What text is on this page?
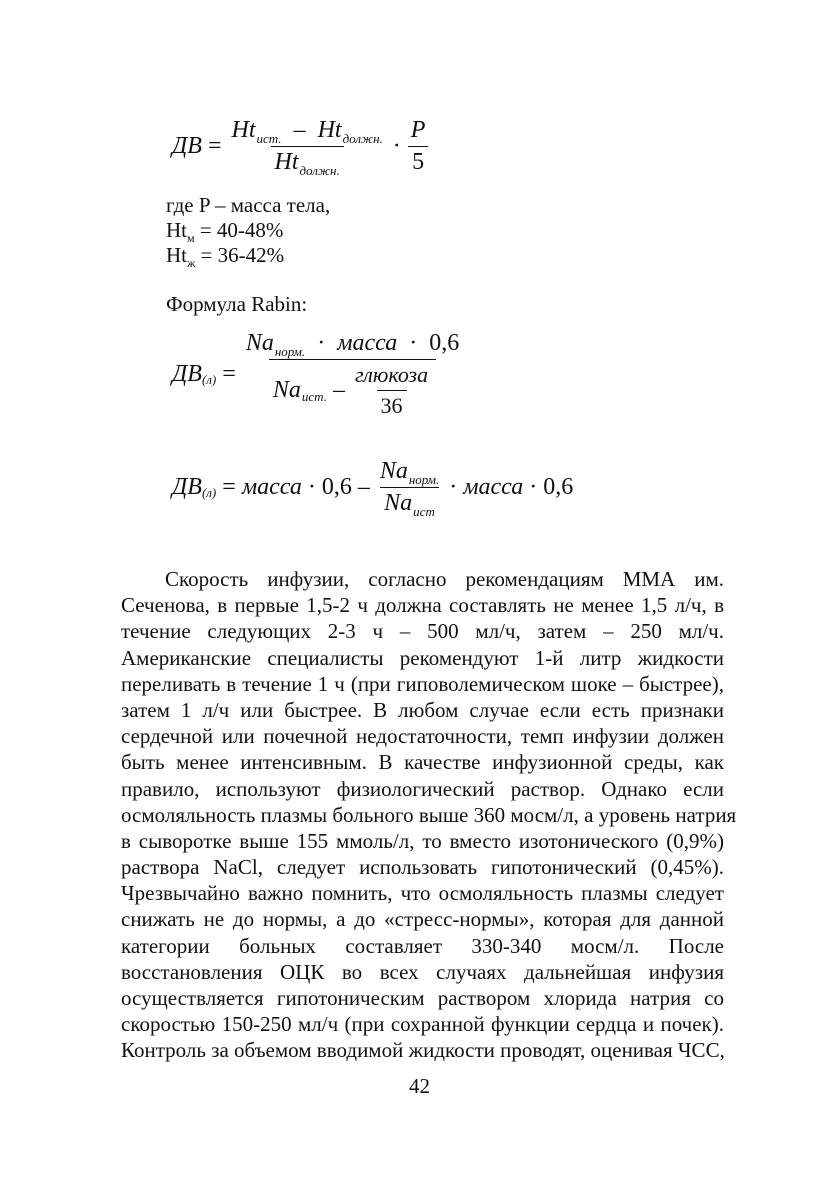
ДВ = $\frac{Ht_{ист.} - Ht_{должн.}}{Ht_{должн.}} \cdot \frac{P}{5}$
где P – масса тела,
$Ht_м = 40-48\%$
$Ht_ж = 36-42\%$
Формула Rabin:
ДВ $(л) = \frac{Na_{норм.} \cdot масса \cdot 0,6}{Na ист. - \frac{\text{глюкоза}}{36}}$
ДВ (л) = масса · $0,6 - \frac{Na_{норм.}}{Na_{ист}}$ · масса · 0,6
Скорость инфузии, согласно рекомендациям ММА им.
Сеченова, в первые 1,5-2 ч должна составлять не менее 1,5 л/ч, в
течение следующих 2-3 ч – 500 мл/ч, затем – 250 мл/ч.
Американские специалисты рекомендуют 1-й литр жидкости
переливать в течение 1 ч (при гиповолемическом шоке – быстрее),
затем 1 л/ч или быстрее. В любом случае если есть признаки
сердечной или почечной недостаточности, темп инфузии должен
быть менее интенсивным. В качестве инфузионной среды, как
правило, используют физиологический раствор. Однако если
осмоляльность плазмы больного выше 360 мосм/л, а уровень натрия
в сыворотке выше 155 ммоль/л, то вместо изотонического (0,9%)
раствора NaCl, следует использовать гипотонический (0,45%).
Чрезвычайно важно помнить, что осмоляльность плазмы следует
снижать не до нормы, а до «стресс-нормы», которая для данной
категории больных составляет 330-340 мосм/л. После
восстановления ОЦК во всех случаях дальнейшая инфузия
осуществляется гипотоническим раствором хлорида натрия со
скоростью 150-250 мл/ч (при сохранной функции сердца и почек).
Контроль за объемом вводимой жидкости проводят, оценивая ЧСС,
42
